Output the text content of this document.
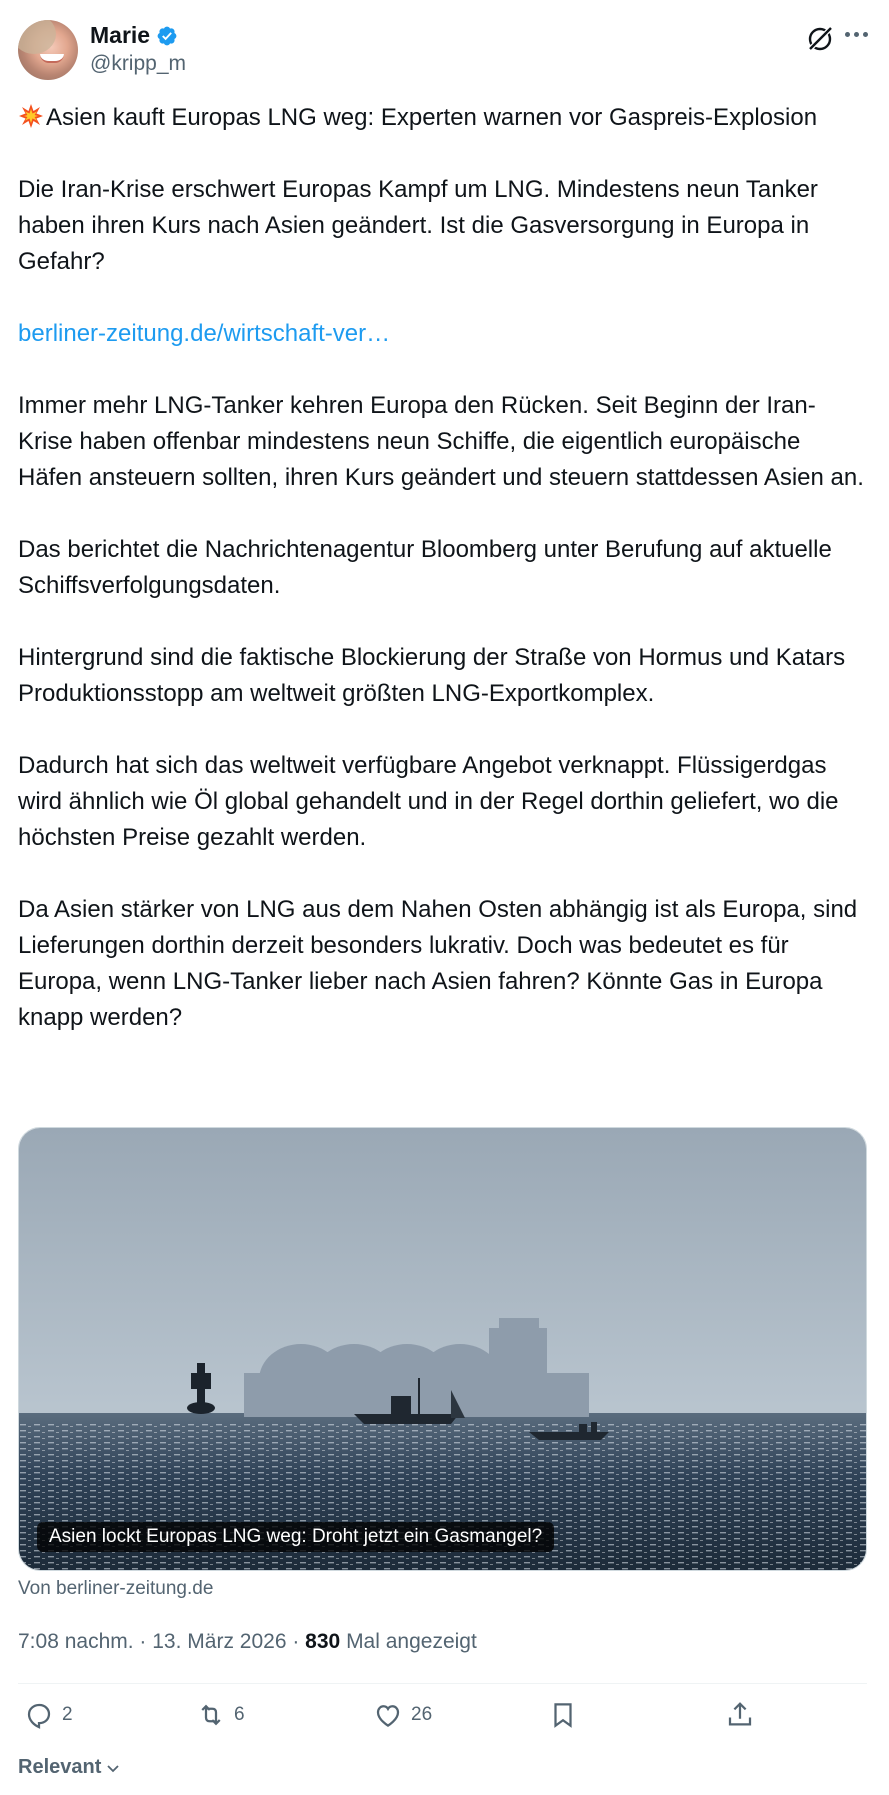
Marie
@kripp_m

Asien kauft Europas LNG weg: Experten warnen vor Gaspreis-Explosion

Die Iran-Krise erschwert Europas Kampf um LNG. Mindestens neun Tanker haben ihren Kurs nach Asien geändert. Ist die Gasversorgung in Europa in Gefahr?

berliner-zeitung.de/wirtschaft-ver…

Immer mehr LNG-Tanker kehren Europa den Rücken. Seit Beginn der Iran-Krise haben offenbar mindestens neun Schiffe, die eigentlich europäische Häfen ansteuern sollten, ihren Kurs geändert und steuern stattdessen Asien an.

Das berichtet die Nachrichtenagentur Bloomberg unter Berufung auf aktuelle Schiffsverfolgungsdaten.

Hintergrund sind die faktische Blockierung der Straße von Hormus und Katars Produktionsstopp am weltweit größten LNG-Exportkomplex.

Dadurch hat sich das weltweit verfügbare Angebot verknappt. Flüssigerdgas wird ähnlich wie Öl global gehandelt und in der Regel dorthin geliefert, wo die höchsten Preise gezahlt werden.

Da Asien stärker von LNG aus dem Nahen Osten abhängig ist als Europa, sind Lieferungen dorthin derzeit besonders lukrativ. Doch was bedeutet es für Europa, wenn LNG-Tanker lieber nach Asien fahren? Könnte Gas in Europa knapp werden?

Asien lockt Europas LNG weg: Droht jetzt ein Gasmangel?
Von berliner-zeitung.de
7:08 nachm. · 13. März 2026 · 830 Mal angezeigt
2	6	26
Relevant
